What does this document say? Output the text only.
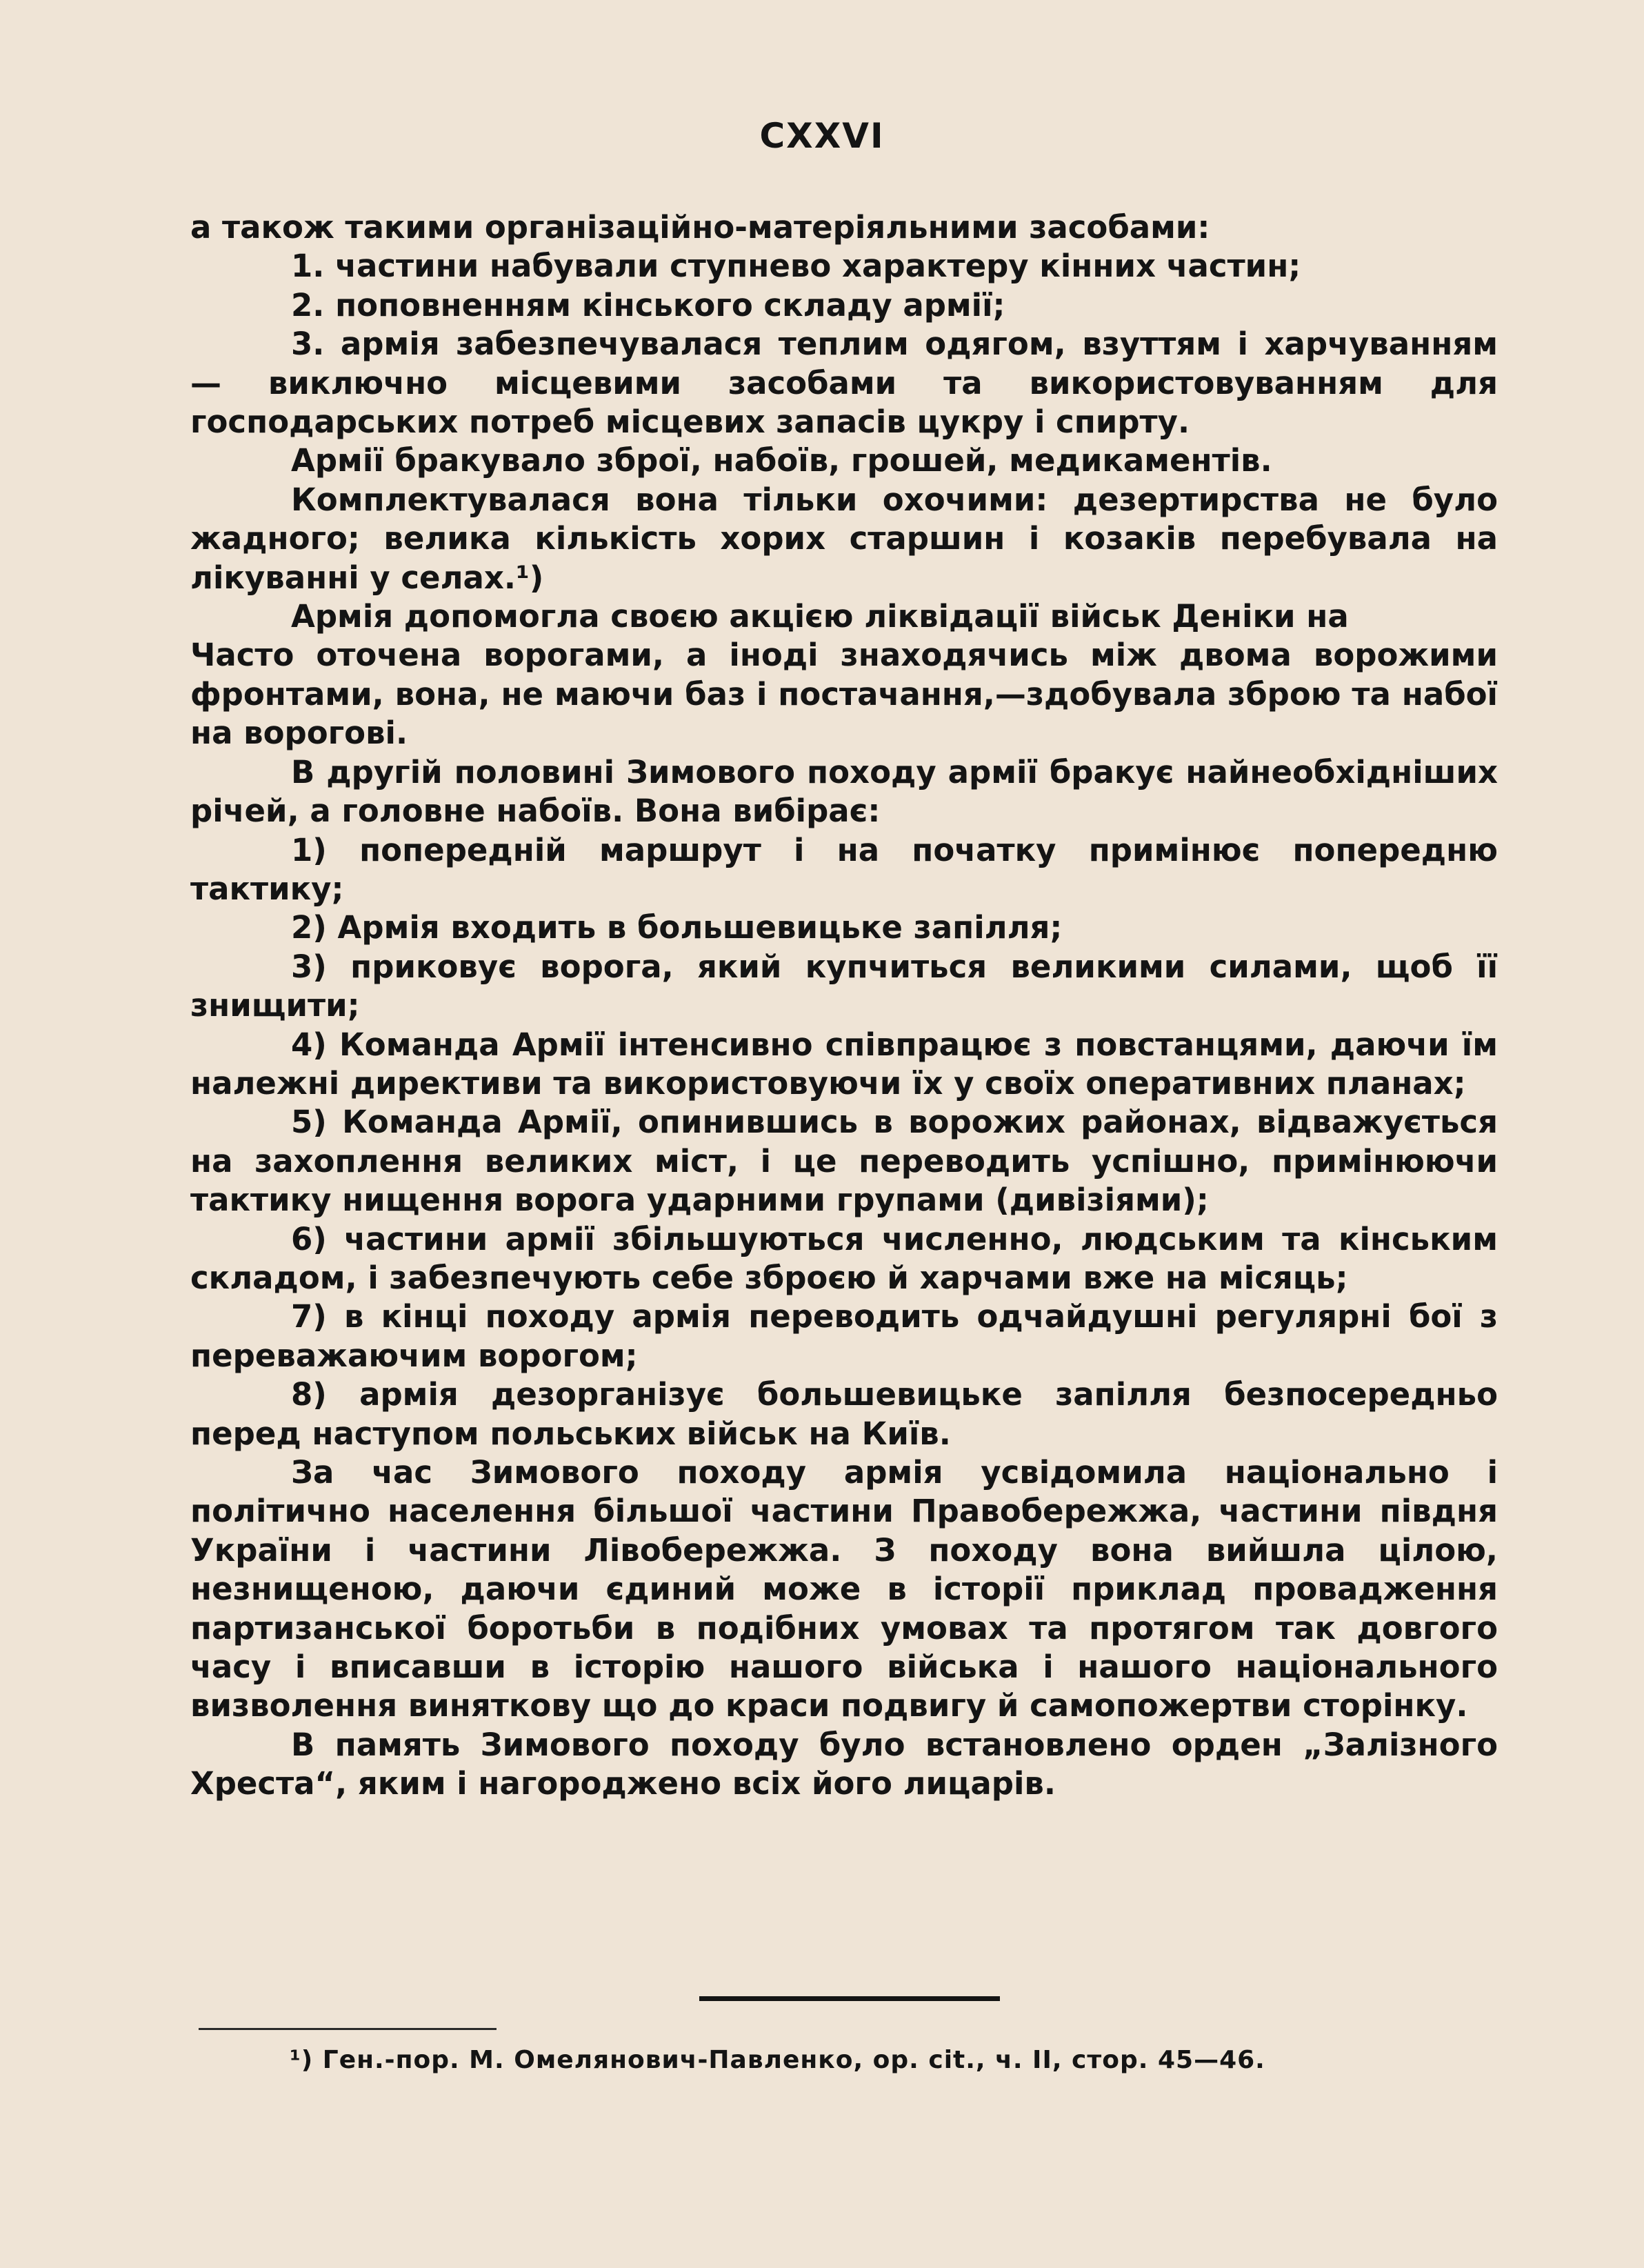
CXXVI

а також такими організаційно-матеріяльними засобами:

1. частини набували ступнево характеру кінних частин;

2. поповненням кінського складу армії;

3. армія забезпечувалася теплим одягом, взуттям і харчуванням — виключно місцевими засобами та використовуванням для господарських потреб місцевих запасів цукру і спирту.

Армії бракувало зброї, набоїв, грошей, медикаментів.

Комплектувалася вона тільки охочими: дезертирства не було жадного; велика кількість хорих старшин і козаків перебувала на лікуванні у селах.¹)

Армія допомогла своєю акцією ліквідації військ Деніки на

Часто оточена ворогами, а іноді знаходячись між двома ворожими фронтами, вона, не маючи баз і постачання,—здобувала зброю та набої на ворогові.

В другій половині Зимового походу армії бракує найнеобхідніших річей, а головне набоїв. Вона вибірає:

1) попередній маршрут і на початку примінює попередню тактику;

2) Армія входить в большевицьке запілля;

3) приковує ворога, який купчиться великими силами, щоб її знищити;

4) Команда Армії інтенсивно співпрацює з повстанцями, даючи їм належні директиви та використовуючи їх у своїх оперативних планах;

5) Команда Армії, опинившись в ворожих районах, відважується на захоплення великих міст, і це переводить успішно, примінюючи тактику нищення ворога ударними групами (дивізіями);

6) частини армії збільшуються численно, людським та кінським складом, і забезпечують себе зброєю й харчами вже на місяць;

7) в кінці походу армія переводить одчайдушні регулярні бої з переважаючим ворогом;

8) армія дезорганізує большевицьке запілля безпосередньо перед наступом польських військ на Київ.

За час Зимового походу армія усвідомила національно і політично населення більшої частини Правобережжа, частини півдня України і частини Лівобережжа. З походу вона вийшла цілою, незнищеною, даючи єдиний може в історії приклад провадження партизанської боротьби в подібних умовах та протягом так довгого часу і вписавши в історію нашого війська і нашого національного визволення виняткову що до краси подвигу й самопожертви сторінку.

В память Зимового походу було встановлено орден „Залізного Хреста“, яким і нагороджено всіх його лицарів.

¹) Ген.-пор. М. Омелянович-Павленко, ор. cit., ч. II, стор. 45—46.
